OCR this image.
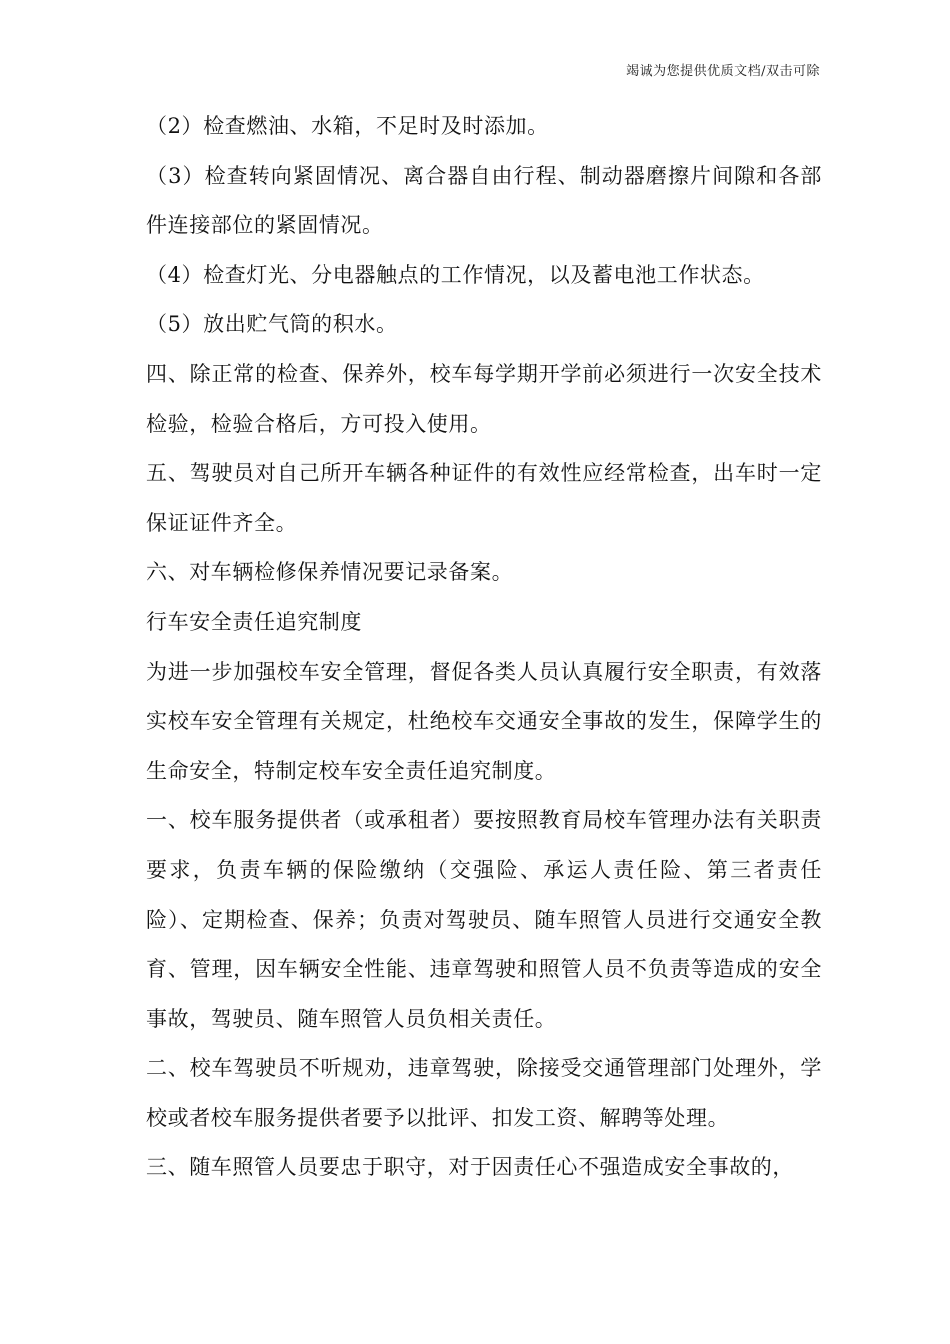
竭诚为您提供优质文档/双击可除

（2）检查燃油、水箱，不足时及时添加。

（3）检查转向紧固情况、离合器自由行程、制动器磨擦片间隙和各部件连接部位的紧固情况。

（4）检查灯光、分电器触点的工作情况，以及蓄电池工作状态。

（5）放出贮气筒的积水。

四、除正常的检查、保养外，校车每学期开学前必须进行一次安全技术检验，检验合格后，方可投入使用。

五、驾驶员对自己所开车辆各种证件的有效性应经常检查，出车时一定保证证件齐全。

六、对车辆检修保养情况要记录备案。

行车安全责任追究制度

为进一步加强校车安全管理，督促各类人员认真履行安全职责，有效落实校车安全管理有关规定，杜绝校车交通安全事故的发生，保障学生的生命安全，特制定校车安全责任追究制度。

一、校车服务提供者（或承租者）要按照教育局校车管理办法有关职责要求，负责车辆的保险缴纳（交强险、承运人责任险、第三者责任险）、定期检查、保养；负责对驾驶员、随车照管人员进行交通安全教育、管理，因车辆安全性能、违章驾驶和照管人员不负责等造成的安全事故，驾驶员、随车照管人员负相关责任。

二、校车驾驶员不听规劝，违章驾驶，除接受交通管理部门处理外，学校或者校车服务提供者要予以批评、扣发工资、解聘等处理。

三、随车照管人员要忠于职守，对于因责任心不强造成安全事故的，
